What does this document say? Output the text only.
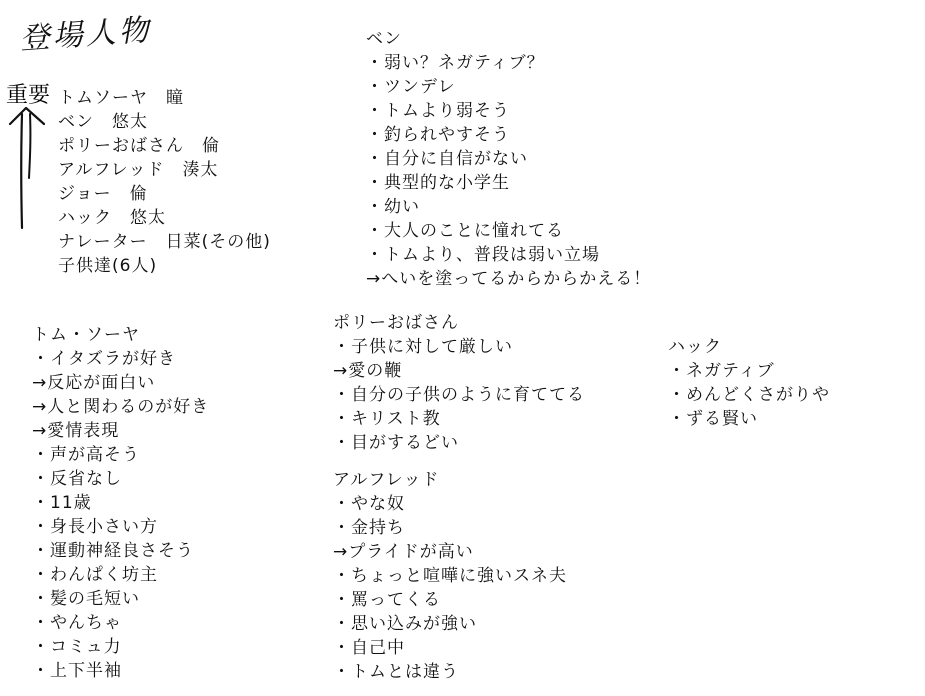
登場人物
重要 トムソーヤ　瞳
ベン　悠太
ポリーおばさん　倫
アルフレッド　湊太
ジョー　倫
ハック　悠太
ナレーター　日菜(その他)
子供達(6人)
ベン
・弱い？ネガティブ？
・ツンデレ
・トムより弱そう
・釣られやすそう
・自分に自信がない
・典型的な小学生
・幼い
・大人のことに憧れてる
・トムより、普段は弱い立場
→へいを塗ってるからからかえる！
トム・ソーヤ
・イタズラが好き
→反応が面白い
→人と関わるのが好き
→愛情表現
・声が高そう
・反省なし
・11歳
・身長小さい方
・運動神経良さそう
・わんぱく坊主
・髪の毛短い
・やんちゃ
・コミュ力
・上下半袖
ポリーおばさん
・子供に対して厳しい
→愛の鞭
・自分の子供のように育ててる
・キリスト教
・目がするどい
アルフレッド
・やな奴
・金持ち
→プライドが高い
・ちょっと喧嘩に強いスネ夫
・罵ってくる
・思い込みが強い
・自己中
・トムとは違う
ハック
・ネガティブ
・めんどくさがりや
・ずる賢い
